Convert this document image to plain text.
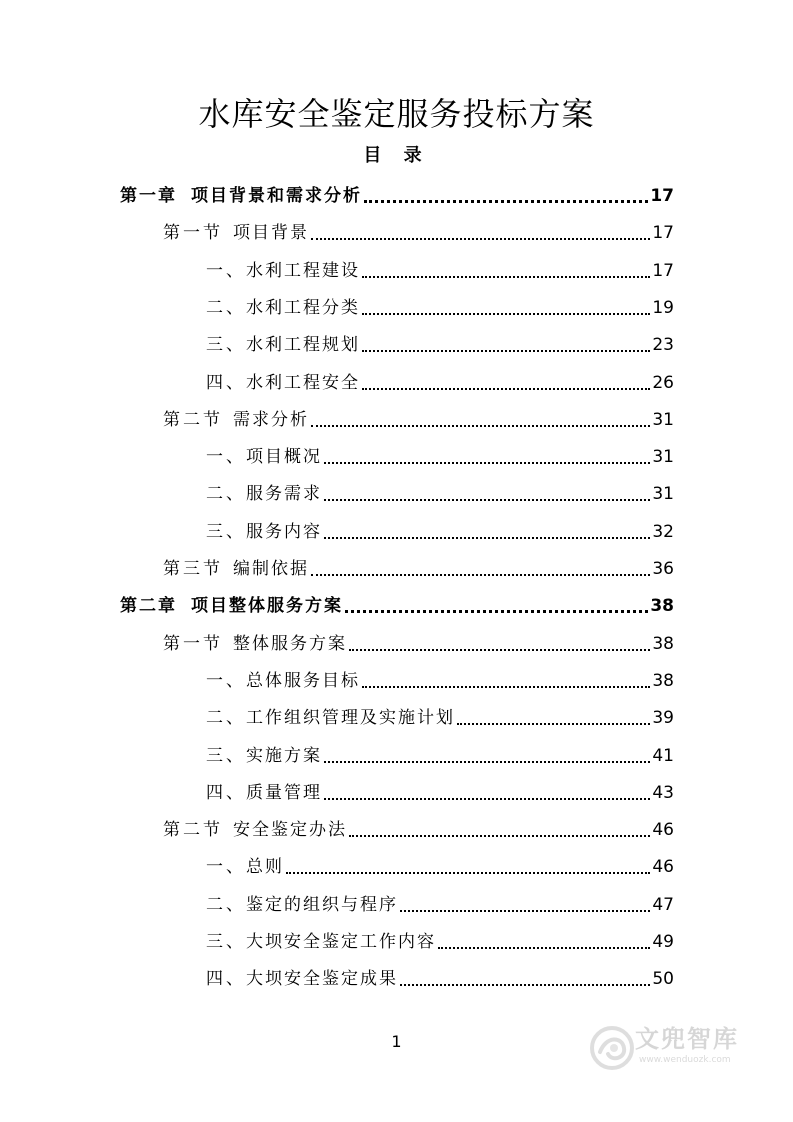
水库安全鉴定服务投标方案
目 录
第一章 项目背景和需求分析	17
第一节 项目背景	17
一、 水利工程建设	17
二、 水利工程分类	19
三、 水利工程规划	23
四、 水利工程安全	26
第二节 需求分析	31
一、 项目概况	31
二、 服务需求	31
三、 服务内容	32
第三节 编制依据	36
第二章 项目整体服务方案	38
第一节 整体服务方案	38
一、 总体服务目标	38
二、 工作组织管理及实施计划	39
三、 实施方案	41
四、 质量管理	43
第二节 安全鉴定办法	46
一、 总则	46
二、 鉴定的组织与程序	47
三、 大坝安全鉴定工作内容	49
四、 大坝安全鉴定成果	50
1	文兜智库
www.wenduozk.com
